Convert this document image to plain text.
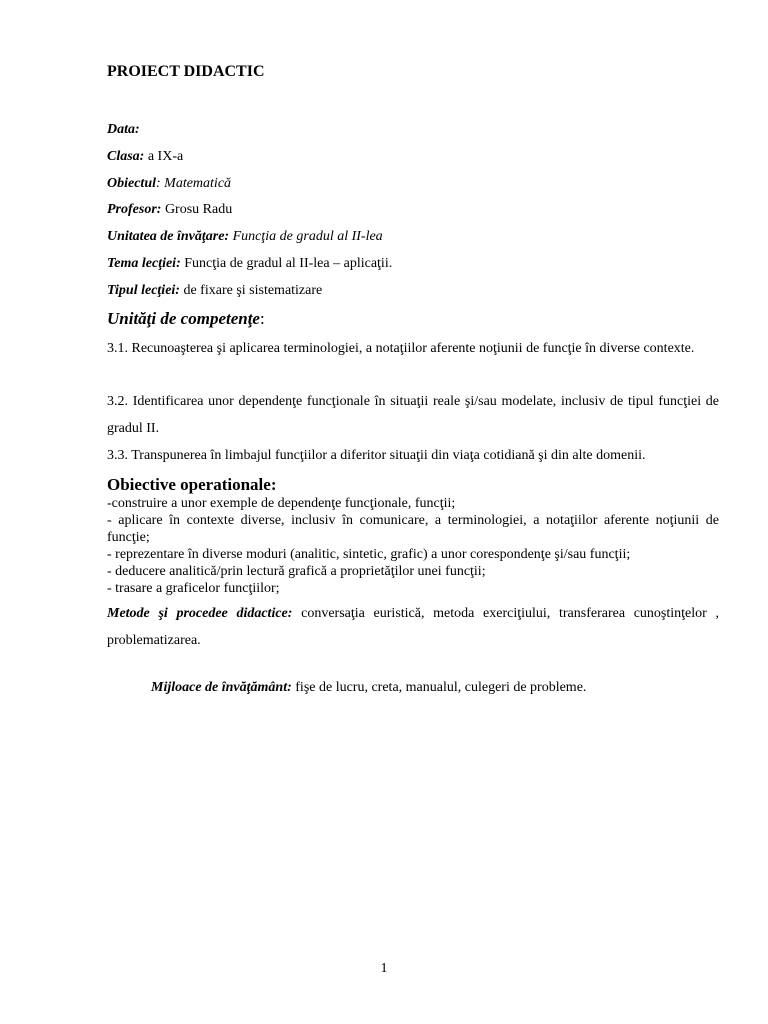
PROIECT DIDACTIC
Data:
Clasa: a IX-a
Obiectul: Matematică
Profesor: Grosu Radu
Unitatea de învăţare: Funcţia de gradul al II-lea
Tema lecţiei: Funcţia de gradul al II-lea – aplicaţii.
Tipul lecţiei: de fixare şi sistematizare
Unităţi de competenţe:

3.1. Recunoaşterea şi aplicarea terminologiei, a notaţiilor aferente noţiunii de funcţie în diverse contexte.

3.2. Identificarea unor dependenţe funcţionale în situaţii reale şi/sau modelate, inclusiv de tipul funcţiei de gradul II.

3.3. Transpunerea în limbajul funcţiilor a diferitor situaţii din viaţa cotidiană şi din alte domenii.

Obiective operationale:
-construire a unor exemple de dependenţe funcţionale, funcţii;
- aplicare în contexte diverse, inclusiv în comunicare, a terminologiei, a notaţiilor aferente noţiunii de funcţie;
- reprezentare în diverse moduri (analitic, sintetic, grafic) a unor corespondenţe şi/sau funcţii;
- deducere analitică/prin lectură grafică a proprietăţilor unei funcţii;
- trasare a graficelor funcţiilor;

Metode şi procedee didactice: conversaţia euristică, metoda exerciţiului, transferarea cunoştinţelor , problematizarea.

Mijloace de învăţământ: fişe de lucru, creta, manualul, culegeri de probleme.

1
